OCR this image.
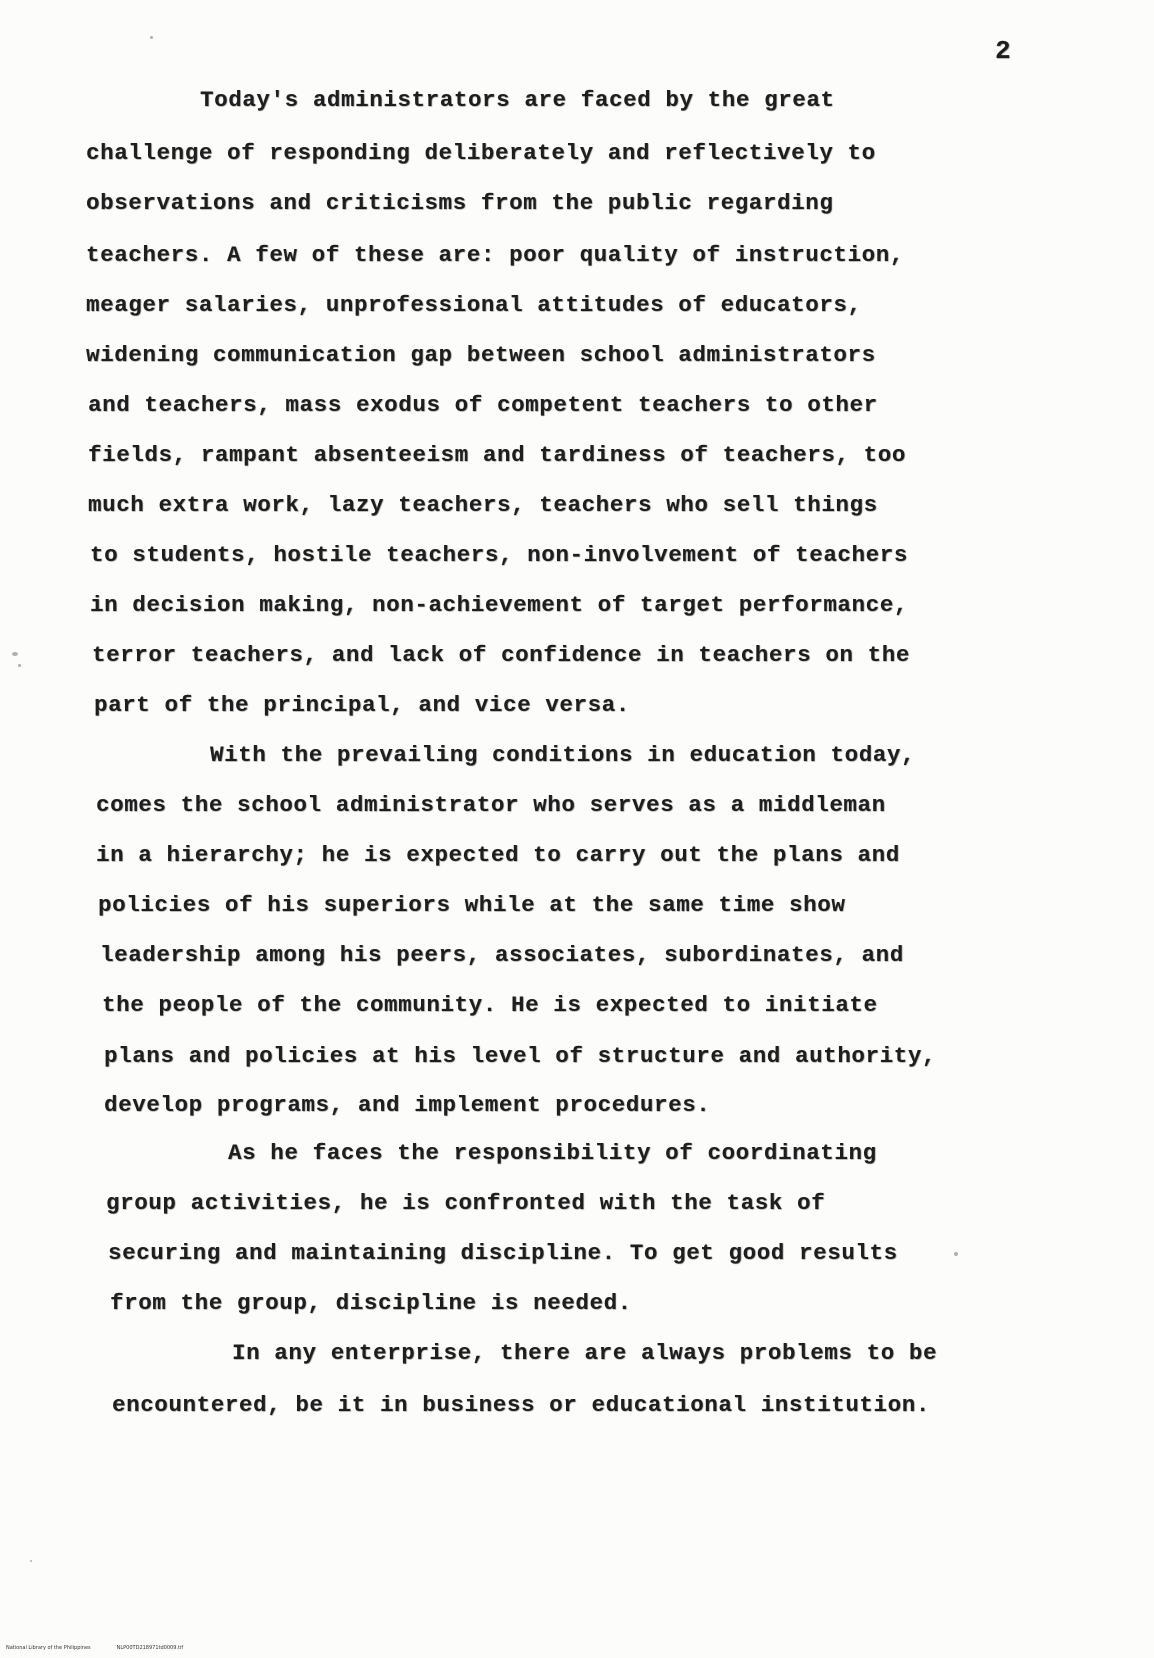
2
Today's administrators are faced by the great
challenge of responding deliberately and reflectively to
observations and criticisms from the public regarding
teachers. A few of these are: poor quality of instruction,
meager salaries, unprofessional attitudes of educators,
widening communication gap between school administrators
and teachers, mass exodus of competent teachers to other
fields, rampant absenteeism and tardiness of teachers, too
much extra work, lazy teachers, teachers who sell things
to students, hostile teachers, non-involvement of teachers
in decision making, non-achievement of target performance,
terror teachers, and lack of confidence in teachers on the
part of the principal, and vice versa.
With the prevailing conditions in education today,
comes the school administrator who serves as a middleman
in a hierarchy; he is expected to carry out the plans and
policies of his superiors while at the same time show
leadership among his peers, associates, subordinates, and
the people of the community. He is expected to initiate
plans and policies at his level of structure and authority,
develop programs, and implement procedures.
As he faces the responsibility of coordinating
group activities, he is confronted with the task of
securing and maintaining discipline. To get good results
from the group, discipline is needed.
In any enterprise, there are always problems to be
encountered, be it in business or educational institution.
National Library of the Philippines	NLP00TD218971td0009.tif
